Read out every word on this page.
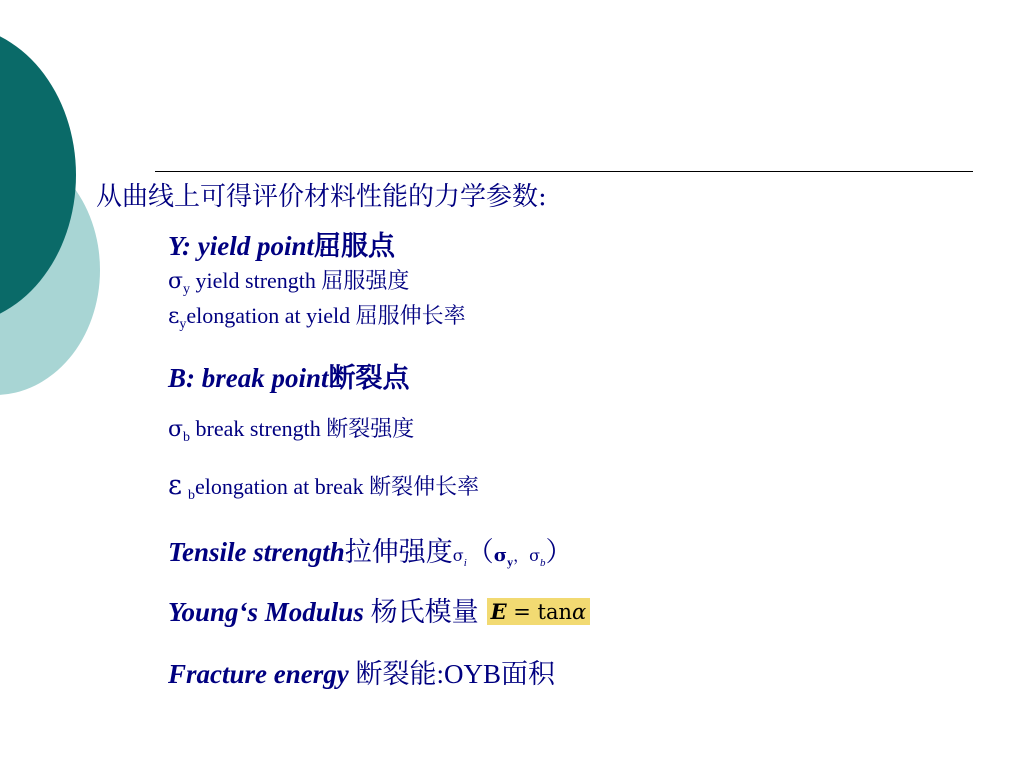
从曲线上可得评价材料性能的力学参数:
Y: yield point屈服点
$\sigma_y$ yield strength 屈服强度
$\varepsilon_yelongation$ at yield 屈服伸长率
B: break point断裂点
$\sigma_b$ break strength 断裂强度
ε $_b$elongation at break 断裂伸长率
Tensile strength拉伸强度$\sigma_i(\sigma y$，$\sigma_b$）
Young‘s Modulus 杨氏模量 E = tanα
Fracture energy 断裂能:OYB面积
